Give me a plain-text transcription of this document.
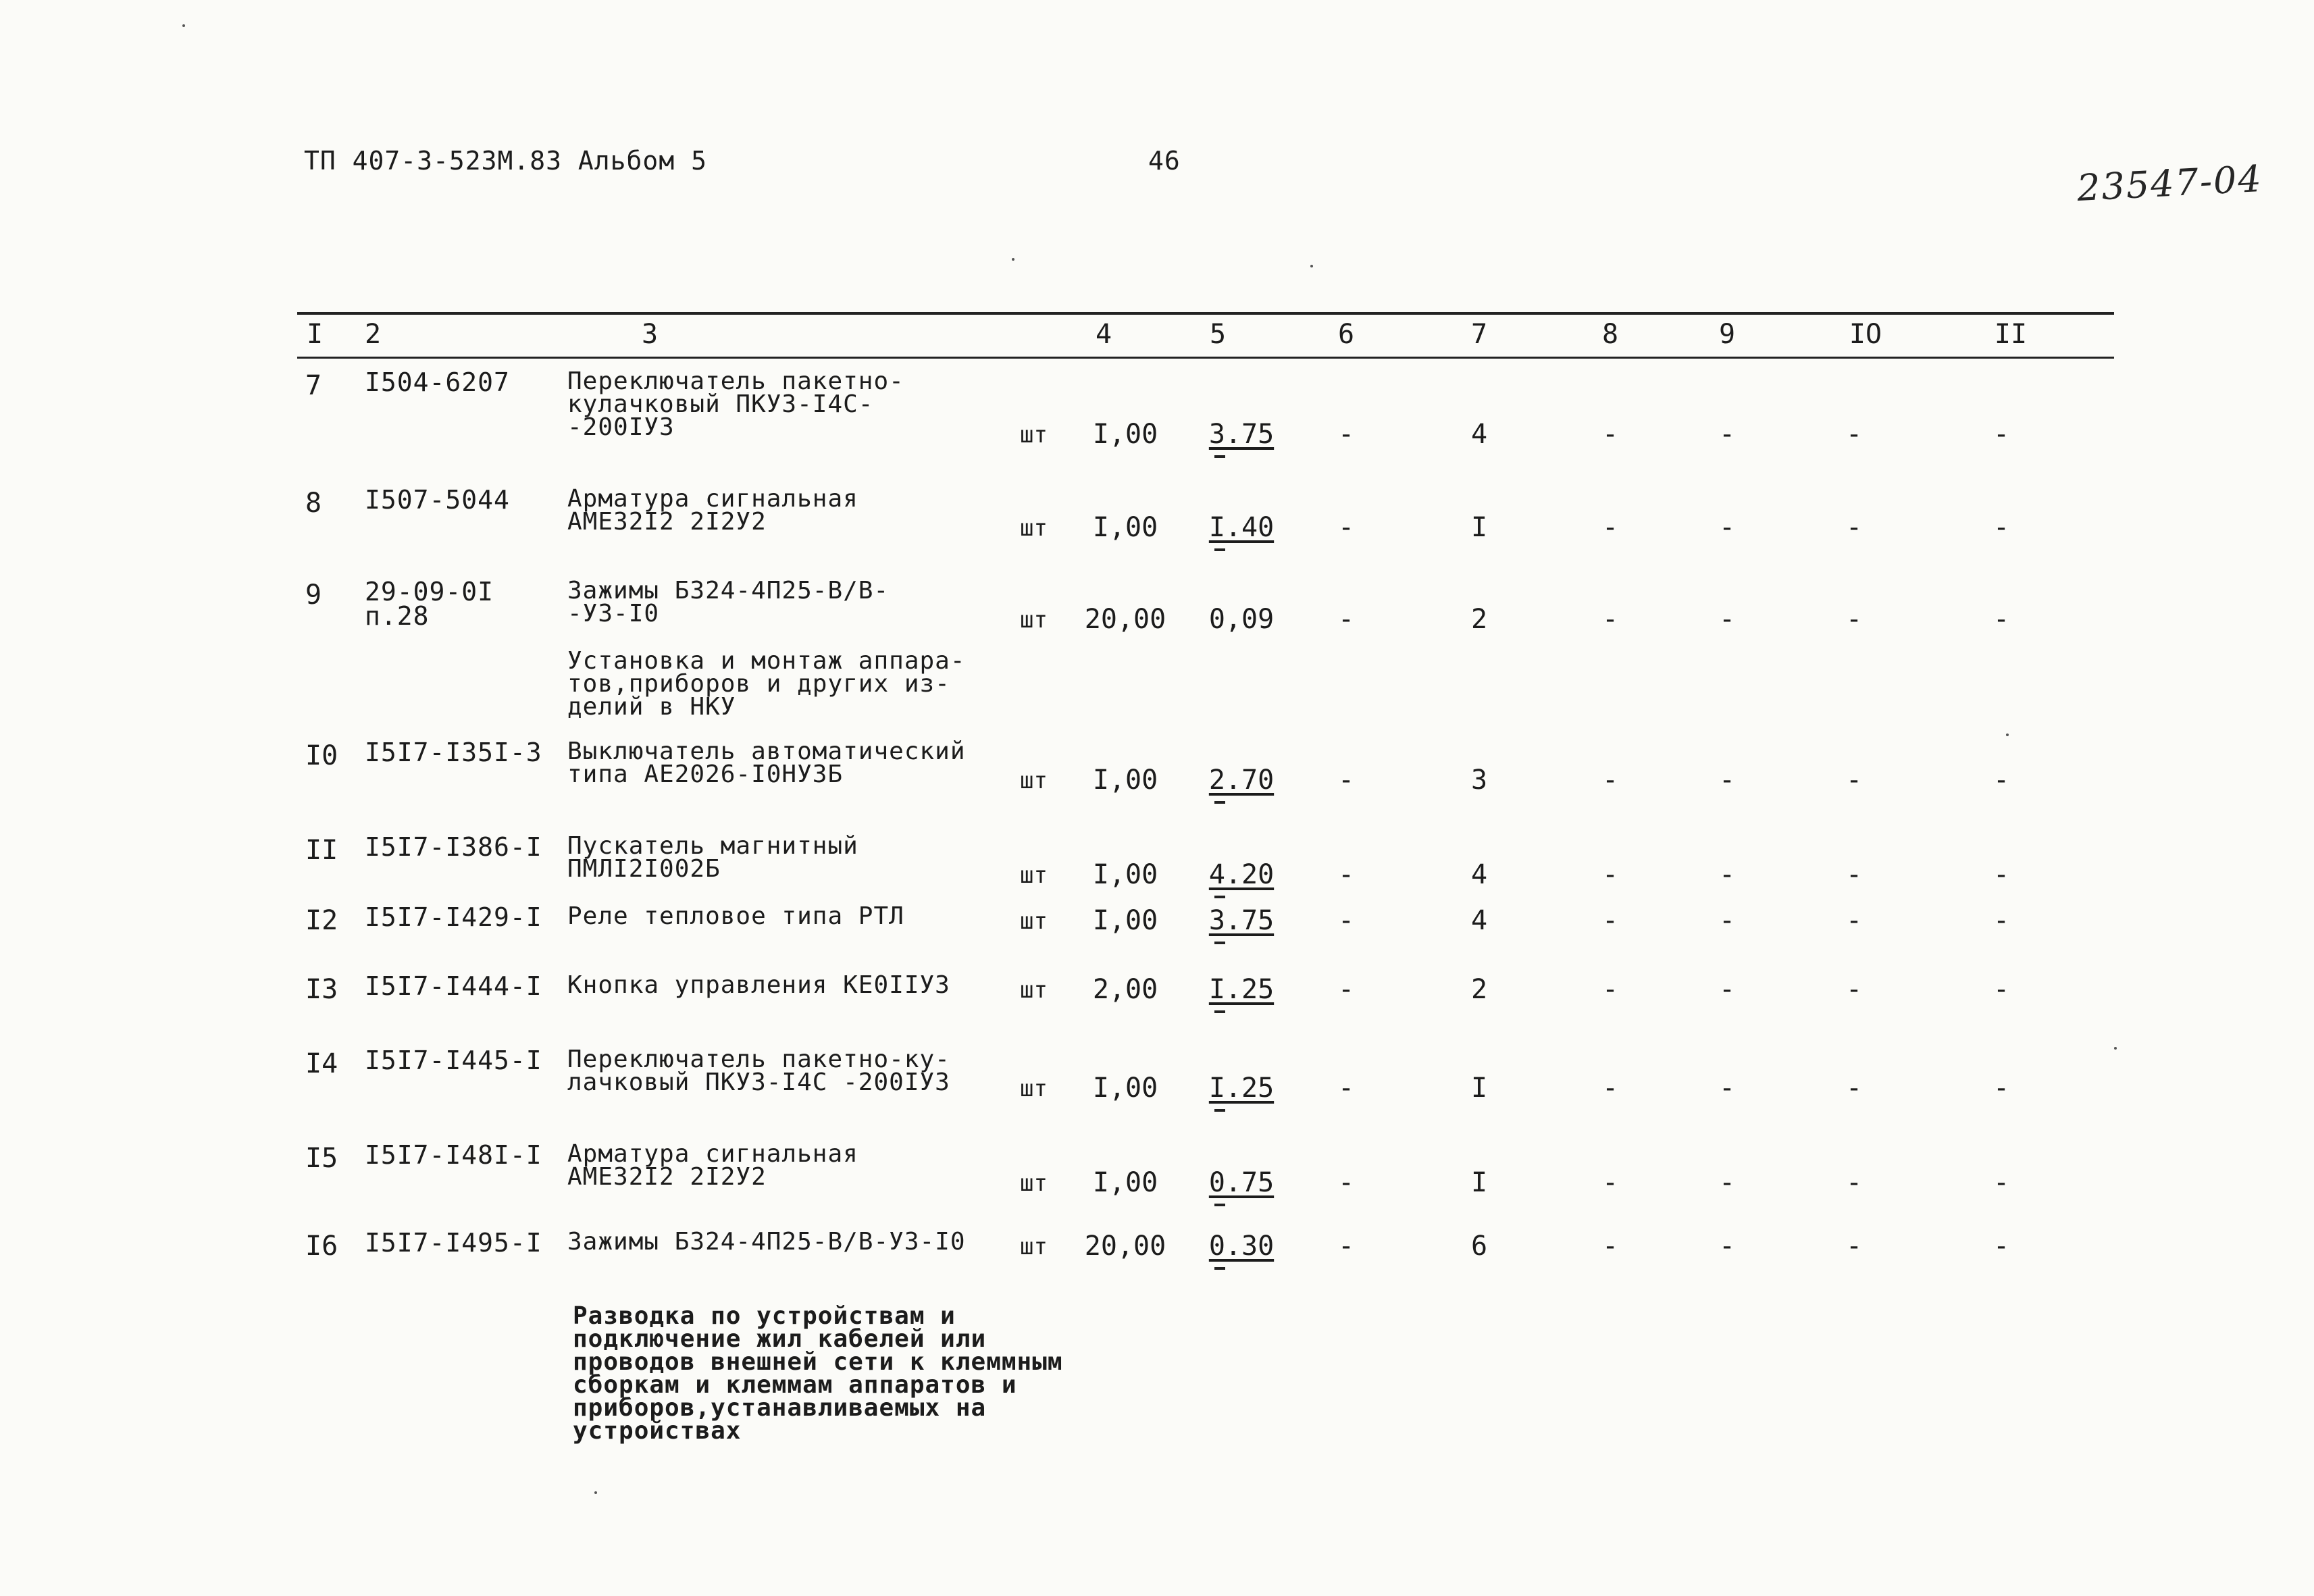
ТП 407-3-523М.83 Альбом 5	46	23547-04
I 2	3	4	5	6	7	8	9	IO	II
7 I504-6207 Переключатель пакетно-
кулачковый ПКУЗ-I4С-
-200IУЗ	шт I,00 3.75 -	4	-	-	-	-
8 I507-5044 Арматура сигнальная
АМЕ32I2 2I2У2	шт I,00 I.40 -	I	-	-	-	-
9 29-09-0I
п.28
Зажимы Б324-4П25-В/В-
-УЗ-I0	шт 20,00 0,09 -	2	-	-	-	-
I0 I5I7-I35I-3 Выключатель автоматический
типа АЕ2026-I0НУЗБ	шт I,00 2.70 -	3	-	-	-	-
II I5I7-I386-I Пускатель магнитный
ПМЛI2I002Б	шт I,00 4.20 -	4	-	-	-	-
I2 I5I7-I429-I Реле тепловое типа РТЛ	шт I,00 3.75 -	4	-	-	-	-
I3 I5I7-I444-I Кнопка управления КЕ0IIУЗ	шт 2,00 I.25 -	2	-	-	-	-
I4 I5I7-I445-I Переключатель пакетно-ку-
лачковый ПКУЗ-I4С -200IУЗ	шт I,00 I.25 -	I	-	-	-	-
I5 I5I7-I48I-I Арматура сигнальная
АМЕ32I2 2I2У2	шт I,00 0.75 -	I	-	-	-	-
I6 I5I7-I495-I Зажимы Б324-4П25-В/В-УЗ-I0 шт 20,00 0.30 -	6	-	-	-	-
Установка и монтаж аппара-
тов,приборов и других из-
делий в НКУ
Разводка по устройствам и
подключение жил кабелей или
проводов внешней сети к клеммным
сборкам и клеммам аппаратов и
приборов,устанавливаемых на
устройствах
